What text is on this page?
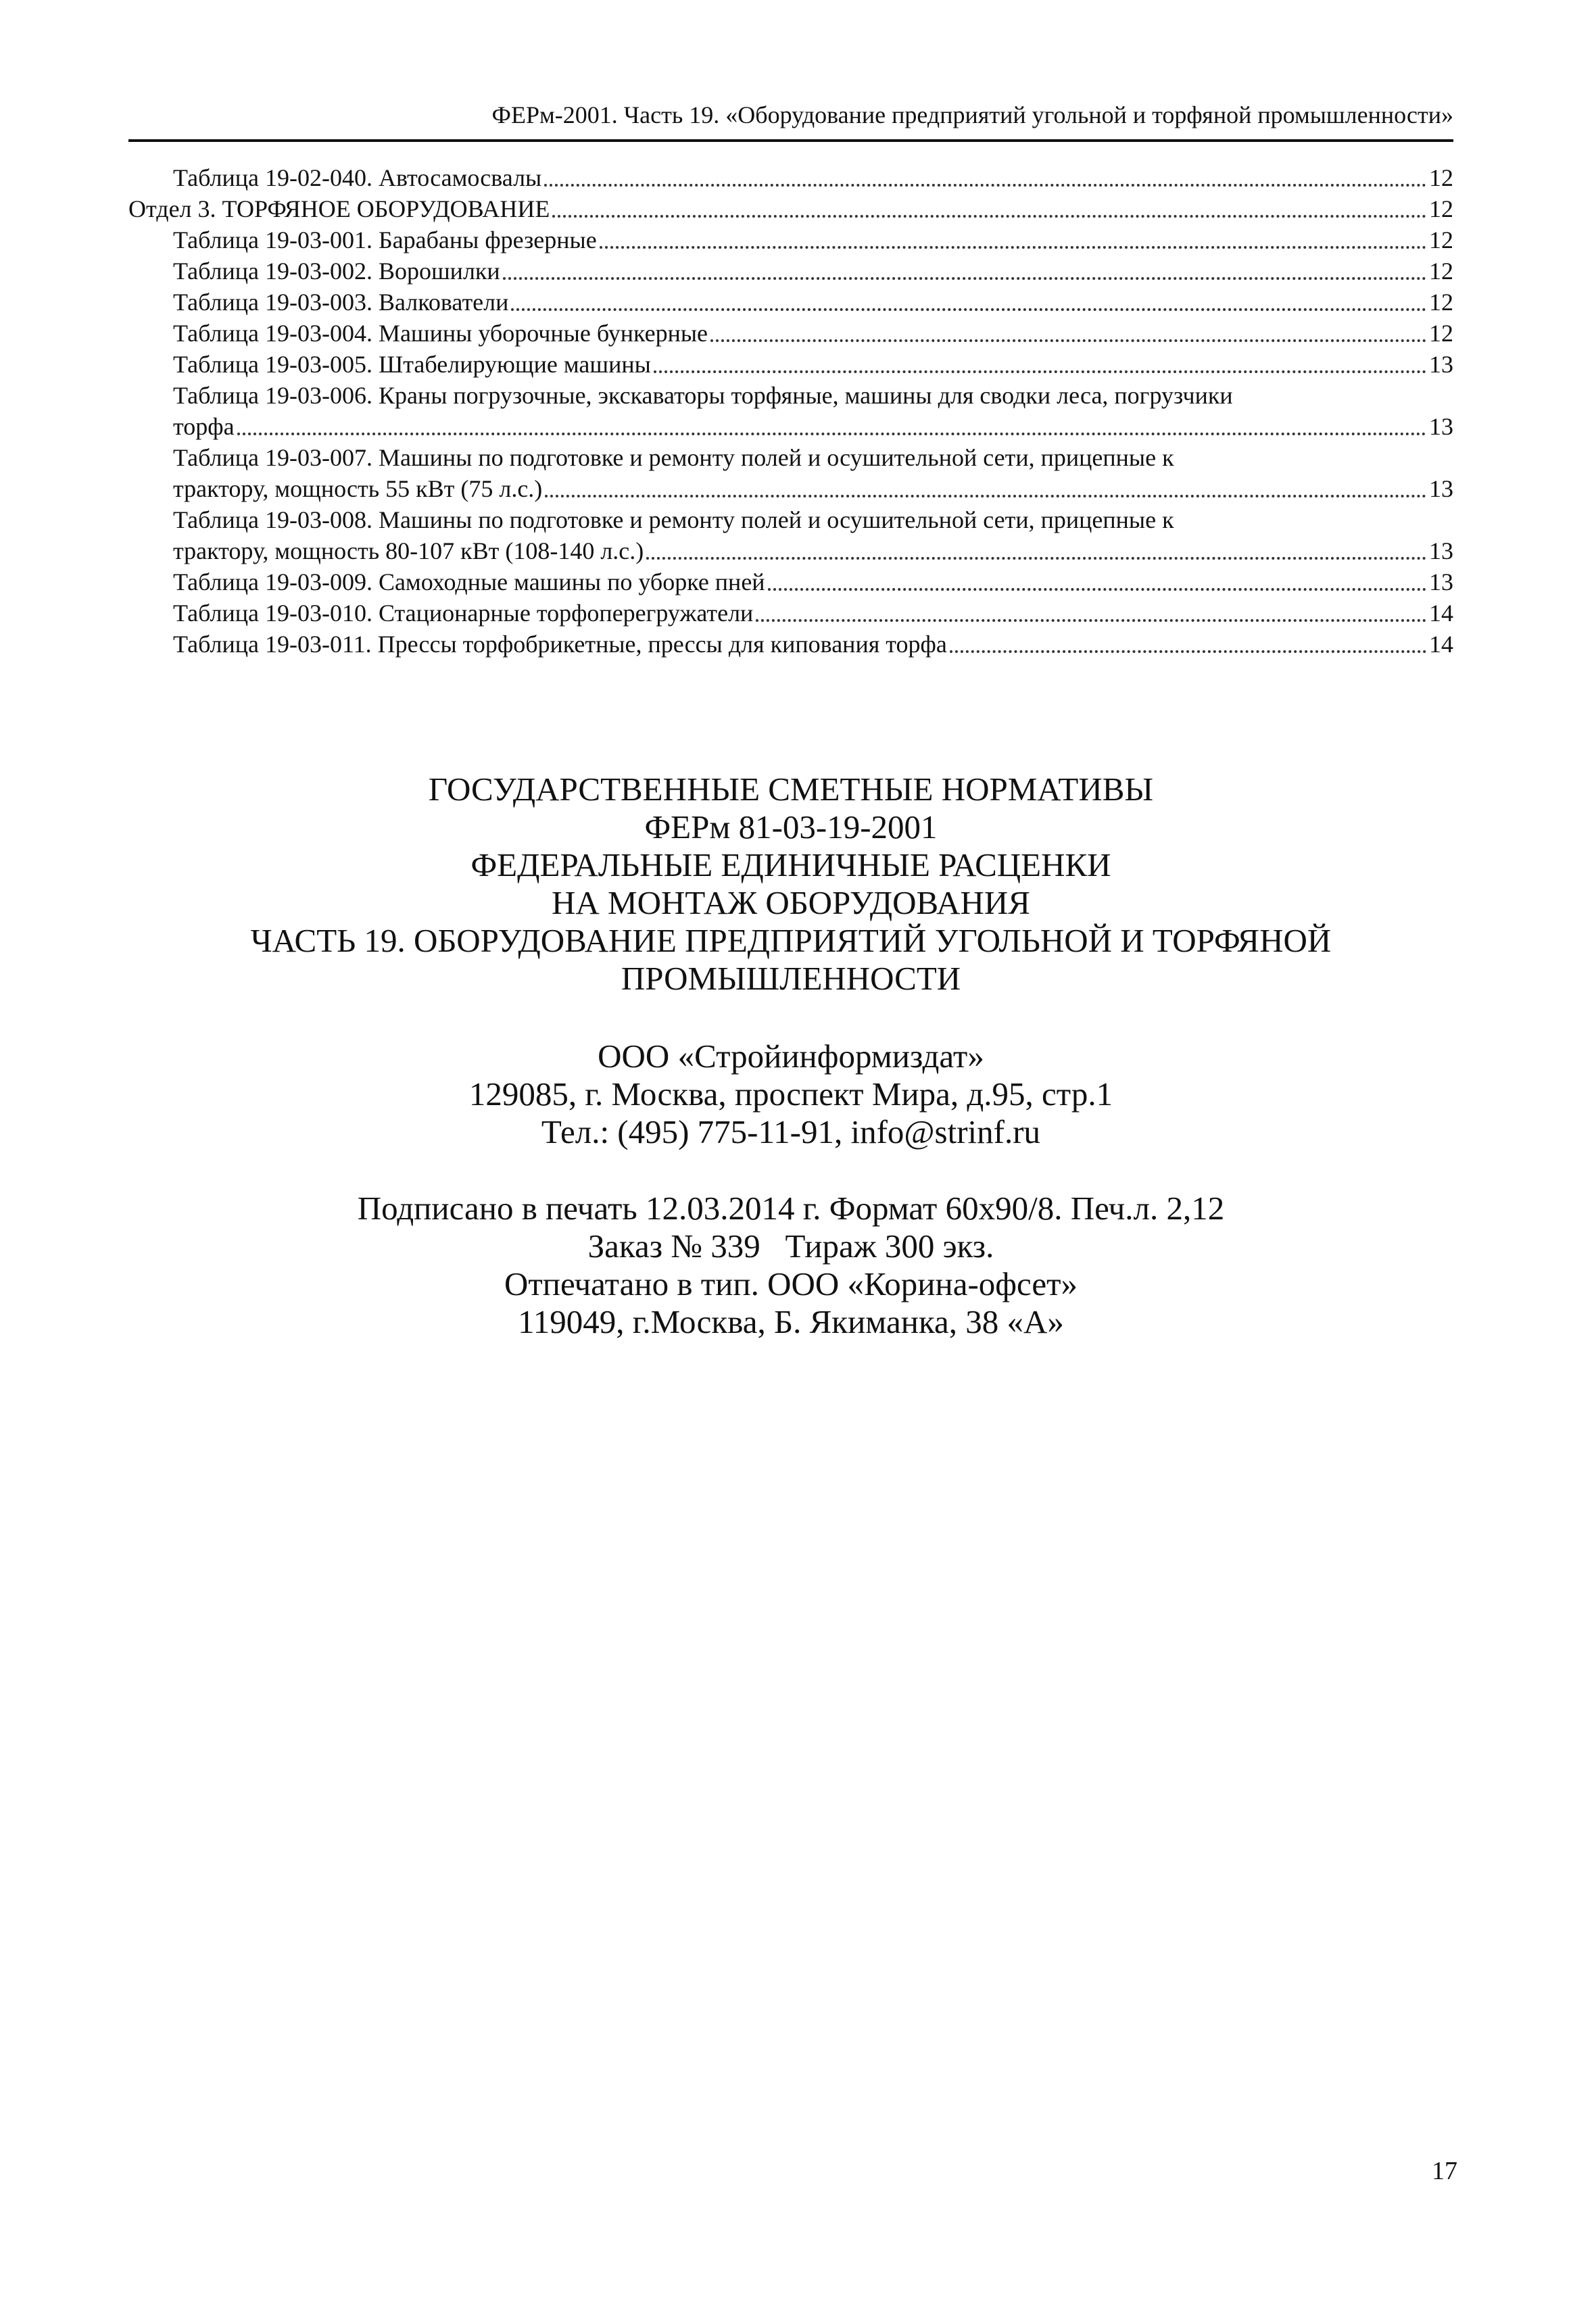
ФЕРм-2001. Часть 19. «Оборудование предприятий угольной и торфяной промышленности»
Таблица 19-02-040. Автосамосвалы	12
Отдел 3. ТОРФЯНОЕ ОБОРУДОВАНИЕ	12
Таблица 19-03-001. Барабаны фрезерные	12
Таблица 19-03-002. Ворошилки	12
Таблица 19-03-003. Валкователи	12
Таблица 19-03-004. Машины уборочные бункерные	12
Таблица 19-03-005. Штабелирующие машины	13
Таблица 19-03-006. Краны погрузочные, экскаваторы торфяные, машины для сводки леса, погрузчики
торфа	13
Таблица 19-03-007. Машины по подготовке и ремонту полей и осушительной сети, прицепные к
трактору, мощность 55 кВт (75 л.с.)	13
Таблица 19-03-008. Машины по подготовке и ремонту полей и осушительной сети, прицепные к
трактору, мощность 80-107 кВт (108-140 л.с.)	13
Таблица 19-03-009. Самоходные машины по уборке пней	13
Таблица 19-03-010. Стационарные торфоперегружатели	14
Таблица 19-03-011. Прессы торфобрикетные, прессы для кипования торфа	14
ГОСУДАРСТВЕННЫЕ СМЕТНЫЕ НОРМАТИВЫ
ФЕРм 81-03-19-2001
ФЕДЕРАЛЬНЫЕ ЕДИНИЧНЫЕ РАСЦЕНКИ
НА МОНТАЖ ОБОРУДОВАНИЯ
ЧАСТЬ 19. ОБОРУДОВАНИЕ ПРЕДПРИЯТИЙ УГОЛЬНОЙ И ТОРФЯНОЙ
ПРОМЫШЛЕННОСТИ
ООО «Стройинформиздат»
129085, г. Москва, проспект Мира, д.95, стр.1
Тел.: (495) 775-11-91, info@strinf.ru
Подписано в печать 12.03.2014 г. Формат 60x90/8. Печ.л. 2,12
Заказ № 339   Тираж 300 экз.
Отпечатано в тип. ООО «Корина-офсет»
119049, г.Москва, Б. Якиманка, 38 «А»
17
